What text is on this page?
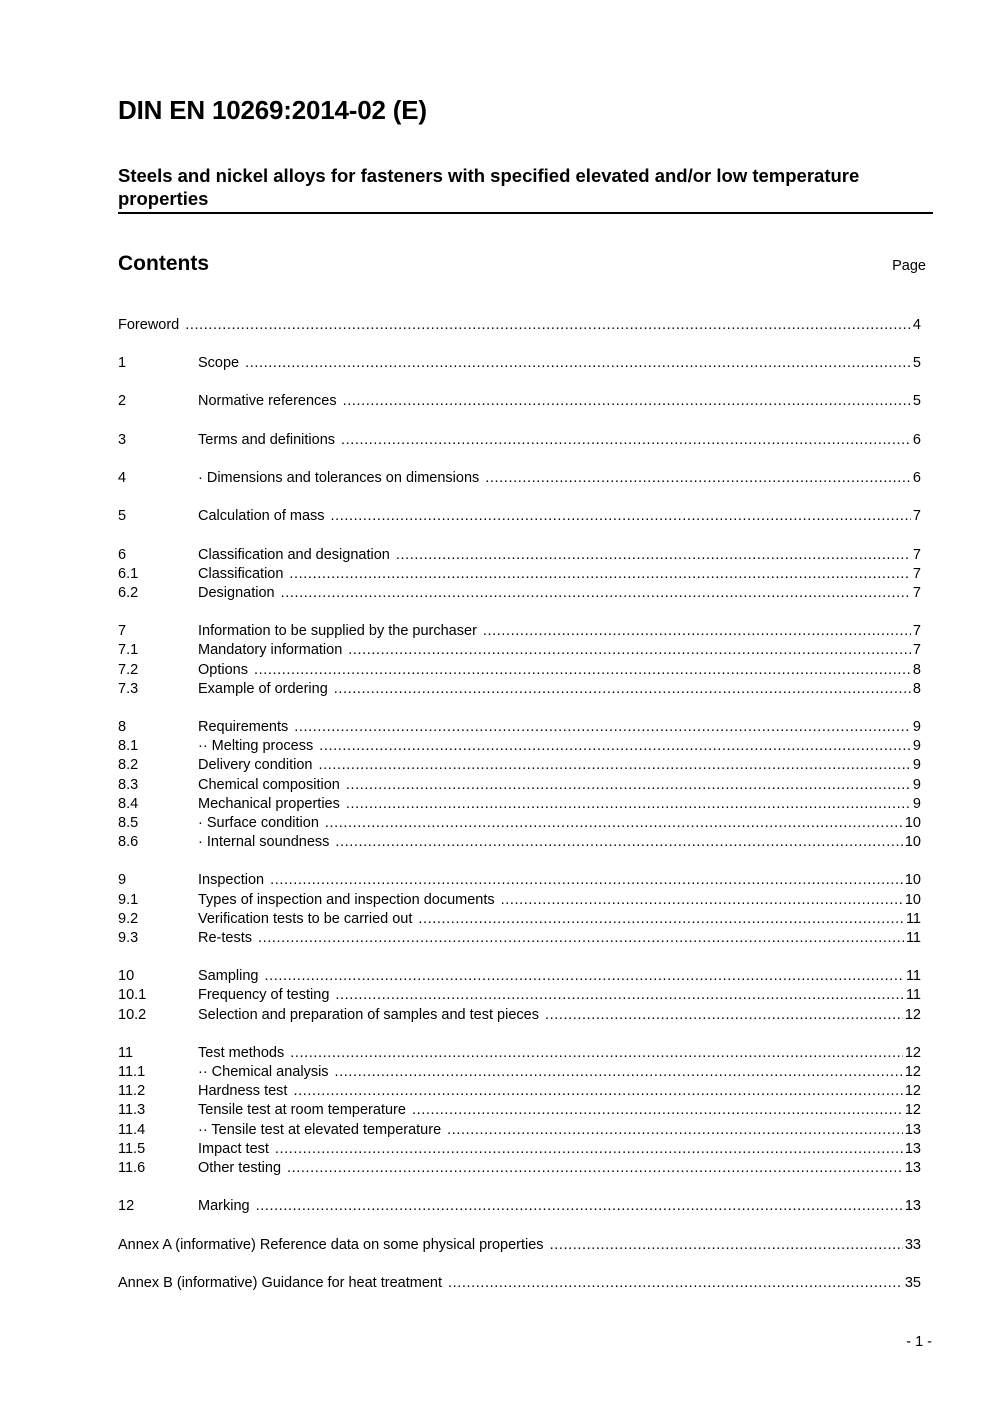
DIN EN 10269:2014-02 (E)
Steels and nickel alloys for fasteners with specified elevated and/or low temperature properties
Contents	Page
Foreword .....	4
1	Scope .....	5
2	Normative references .....	5
3	Terms and definitions .....	6
4	· Dimensions and tolerances on dimensions .....	6
5	Calculation of mass .....	7
6	Classification and designation .....	7
6.1	Classification .....	7
6.2	Designation .....	7
7	Information to be supplied by the purchaser .....	7
7.1	Mandatory information .....	7
7.2	Options .....	8
7.3	Example of ordering .....	8
8	Requirements .....	9
8.1	·· Melting process .....	9
8.2	Delivery condition .....	9
8.3	Chemical composition .....	9
8.4	Mechanical properties .....	9
8.5	· Surface condition .....	10
8.6	· Internal soundness .....	10
9	Inspection .....	10
9.1	Types of inspection and inspection documents .....	10
9.2	Verification tests to be carried out .....	11
9.3	Re-tests .....	11
10	Sampling .....	11
10.1	Frequency of testing .....	11
10.2	Selection and preparation of samples and test pieces .....	12
11	Test methods .....	12
11.1	·· Chemical analysis .....	12
11.2	Hardness test .....	12
11.3	Tensile test at room temperature .....	12
11.4	·· Tensile test at elevated temperature .....	13
11.5	Impact test .....	13
11.6	Other testing .....	13
12	Marking .....	13
Annex A (informative) Reference data on some physical properties .....	33
Annex B (informative) Guidance for heat treatment .....	35
- 1 -
